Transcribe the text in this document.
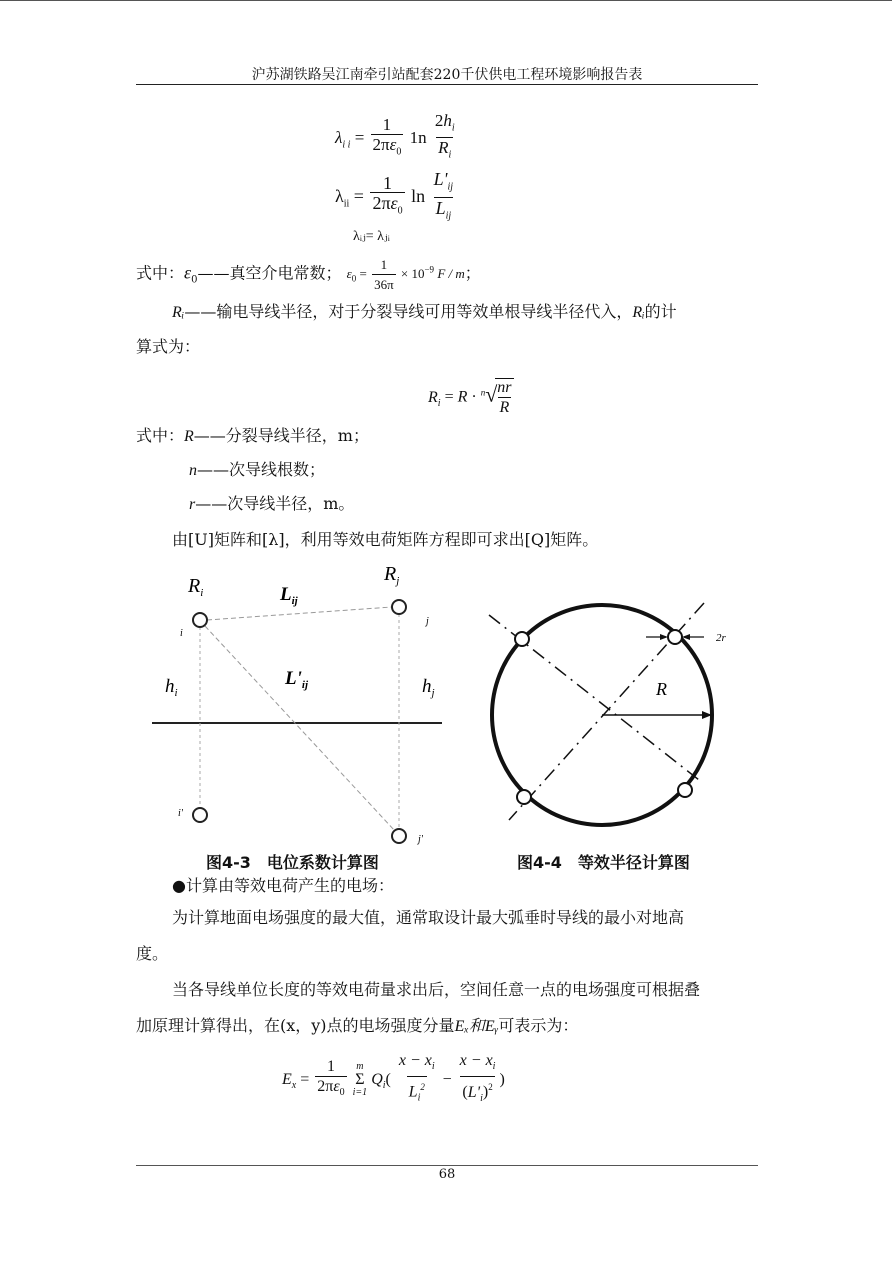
沪苏湖铁路吴江南牵引站配套220千伏供电工程环境影响报告表
$\lambda_{i i} = \frac{1}{2\pi\varepsilon_0} 1n \frac{2h_i}{R_i}$
$\lambda_{ii} = \frac{1}{2\pi\varepsilon_0}$ $\ln \frac{L'_{ij}}{L_{ij}}$
λᵢⱼ= λⱼᵢ
式中：$\varepsilon_0——$真空介电常数； $\varepsilon_0 = \frac{1}{36\pi} \times 10^{-9}$ F / m；
Rᵢ——输电导线半径，对于分裂导线可用等效单根导线半径代入，Rᵢ的计
算式为：
$R_i = R \cdot ^n√$
$\frac{nr}{R}$
式中：R——分裂导线半径，m；
n——次导线根数；
r——次导线半径，m。
由[U]矩阵和[λ]，利用等效电荷矩阵方程即可求出[Q]矩阵。
$R_i$
$R_j$
$L_{ij}$
$L'_{ij}$
$h_i$	$h_j$
i
j
i'
j'
R
2r
图4-3　电位系数计算图	图4-4　等效半径计算图
●计算由等效电荷产生的电场：
为计算地面电场强度的最大值，通常取设计最大弧垂时导线的最小对地高
度。
当各导线单位长度的等效电荷量求出后，空间任意一点的电场强度可根据叠
加原理计算得出，在(x，y)点的电场强度分量Eₓ和Eᵧ可表示为：
$E_x = \frac{1}{2\pi\varepsilon_0}$
m
Σ
i=1
$Q_i( \frac{x - x_i}{L_i^2} - \frac{x - x_i}{(L'_i)^2}$ )
68
